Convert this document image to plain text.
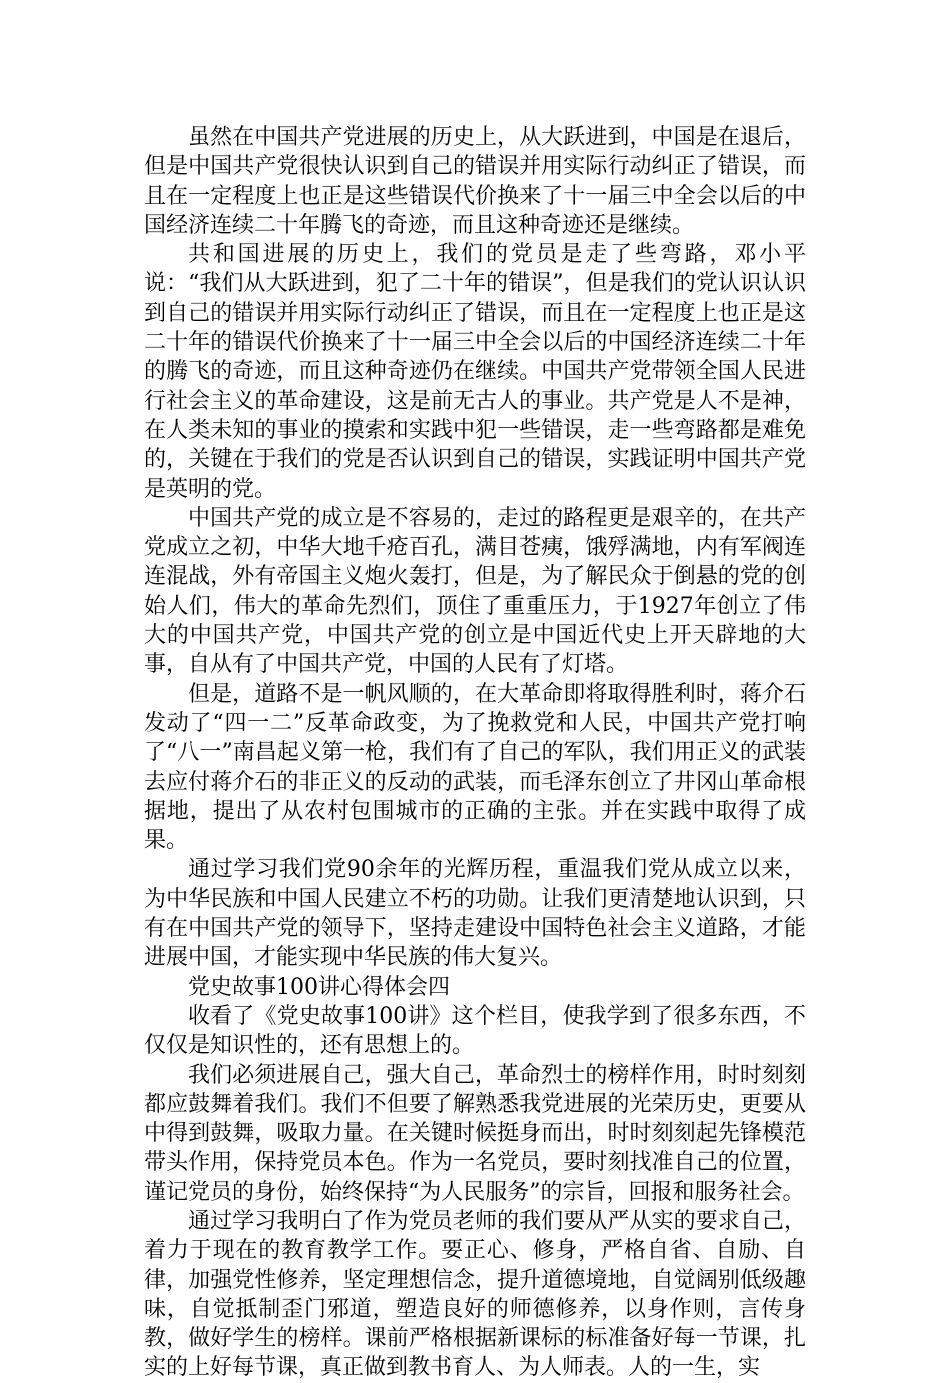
虽然在中国共产党进展的历史上，从大跃进到，中国是在退后，但是中国共产党很快认识到自己的错误并用实际行动纠正了错误，而且在一定程度上也正是这些错误代价换来了十一届三中全会以后的中国经济连续二十年腾飞的奇迹，而且这种奇迹还是继续。

共和国进展的历史上，我们的党员是走了些弯路，邓小平说：“我们从大跃进到，犯了二十年的错误”，但是我们的党认识认识到自己的错误并用实际行动纠正了错误，而且在一定程度上也正是这二十年的错误代价换来了十一届三中全会以后的中国经济连续二十年的腾飞的奇迹，而且这种奇迹仍在继续。中国共产党带领全国人民进行社会主义的革命建设，这是前无古人的事业。共产党是人不是神，在人类未知的事业的摸索和实践中犯一些错误，走一些弯路都是难免的，关键在于我们的党是否认识到自己的错误，实践证明中国共产党是英明的党。

中国共产党的成立是不容易的，走过的路程更是艰辛的，在共产党成立之初，中华大地千疮百孔，满目苍痍，饿殍满地，内有军阀连连混战，外有帝国主义炮火轰打，但是，为了解民众于倒悬的党的创始人们，伟大的革命先烈们，顶住了重重压力，于1927年创立了伟大的中国共产党，中国共产党的创立是中国近代史上开天辟地的大事，自从有了中国共产党，中国的人民有了灯塔。

但是，道路不是一帆风顺的，在大革命即将取得胜利时，蒋介石发动了“四一二”反革命政变，为了挽救党和人民，中国共产党打响了“八一”南昌起义第一枪，我们有了自己的军队，我们用正义的武装去应付蒋介石的非正义的反动的武装，而毛泽东创立了井冈山革命根据地，提出了从农村包围城市的正确的主张。并在实践中取得了成果。

通过学习我们党90余年的光辉历程，重温我们党从成立以来，为中华民族和中国人民建立不朽的功勋。让我们更清楚地认识到，只有在中国共产党的领导下，坚持走建设中国特色社会主义道路，才能进展中国，才能实现中华民族的伟大复兴。

党史故事100讲心得体会四

收看了《党史故事100讲》这个栏目，使我学到了很多东西，不仅仅是知识性的，还有思想上的。

我们必须进展自己，强大自己，革命烈士的榜样作用，时时刻刻都应鼓舞着我们。我们不但要了解熟悉我党进展的光荣历史，更要从中得到鼓舞，吸取力量。在关键时候挺身而出，时时刻刻起先锋模范带头作用，保持党员本色。作为一名党员，要时刻找准自己的位置，谨记党员的身份，始终保持“为人民服务”的宗旨，回报和服务社会。

通过学习我明白了作为党员老师的我们要从严从实的要求自己，着力于现在的教育教学工作。要正心、修身，严格自省、自励、自律，加强党性修养，坚定理想信念，提升道德境地，自觉阔别低级趣味，自觉抵制歪门邪道，塑造良好的师德修养，以身作则，言传身教，做好学生的榜样。课前严格根据新课标的标准备好每一节课，扎实的上好每节课，真正做到教书育人、为人师表。人的一生，实
